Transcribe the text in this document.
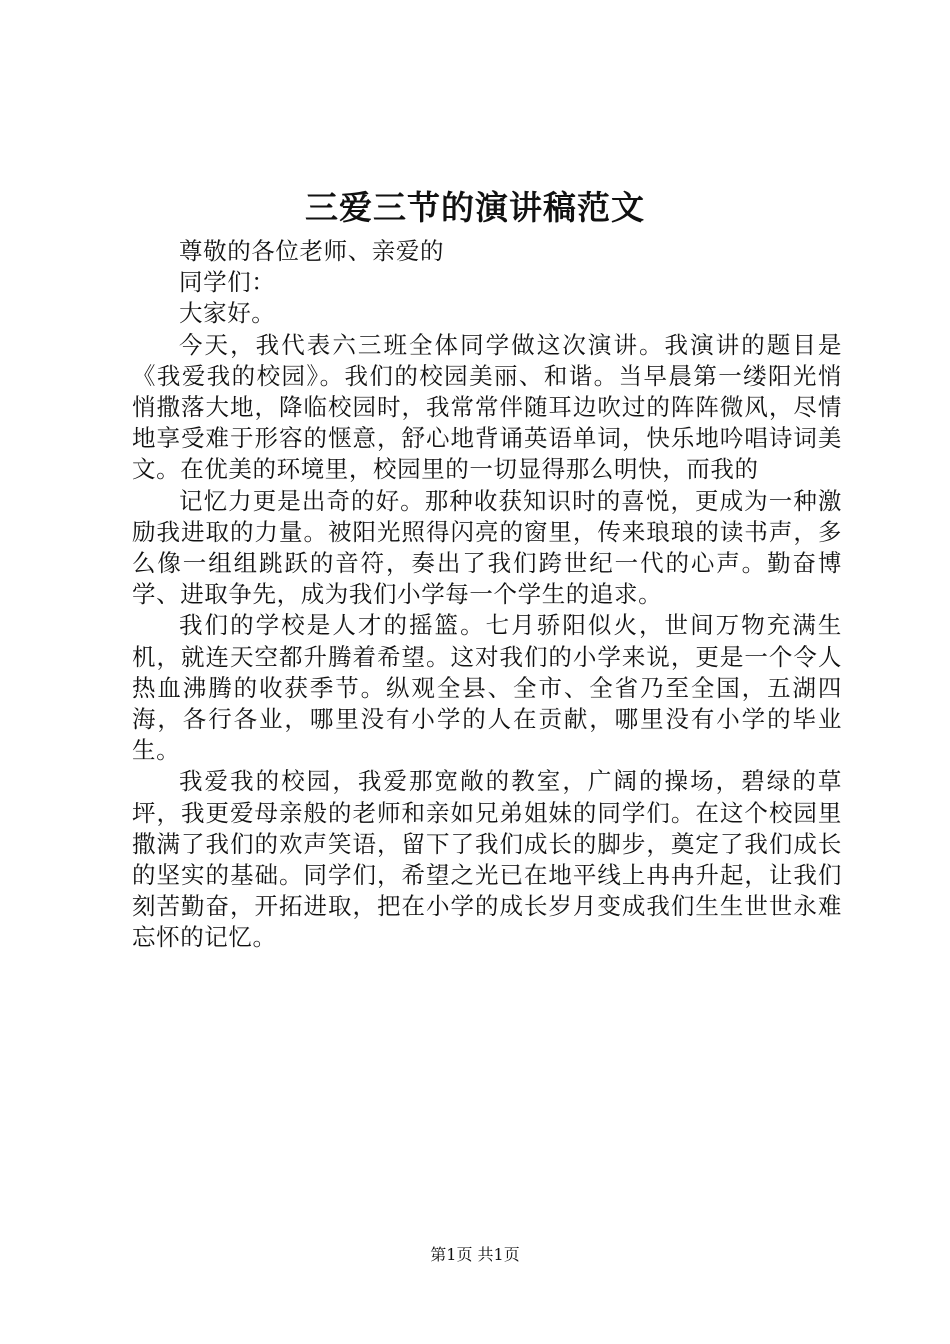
三爱三节的演讲稿范文

尊敬的各位老师、亲爱的

同学们：

大家好。

今天，我代表六三班全体同学做这次演讲。我演讲的题目是《我爱我的校园》。我们的校园美丽、和谐。当早晨第一缕阳光悄悄撒落大地，降临校园时，我常常伴随耳边吹过的阵阵微风，尽情地享受难于形容的惬意，舒心地背诵英语单词，快乐地吟唱诗词美文。在优美的环境里，校园里的一切显得那么明快，而我的

记忆力更是出奇的好。那种收获知识时的喜悦，更成为一种激励我进取的力量。被阳光照得闪亮的窗里，传来琅琅的读书声，多么像一组组跳跃的音符，奏出了我们跨世纪一代的心声。勤奋博学、进取争先，成为我们小学每一个学生的追求。

我们的学校是人才的摇篮。七月骄阳似火，世间万物充满生机，就连天空都升腾着希望。这对我们的小学来说，更是一个令人热血沸腾的收获季节。纵观全县、全市、全省乃至全国，五湖四海，各行各业，哪里没有小学的人在贡献，哪里没有小学的毕业生。

我爱我的校园，我爱那宽敞的教室，广阔的操场，碧绿的草坪，我更爱母亲般的老师和亲如兄弟姐妹的同学们。在这个校园里撒满了我们的欢声笑语，留下了我们成长的脚步，奠定了我们成长的坚实的基础。同学们，希望之光已在地平线上冉冉升起，让我们刻苦勤奋，开拓进取，把在小学的成长岁月变成我们生生世世永难忘怀的记忆。

第1页 共1页
